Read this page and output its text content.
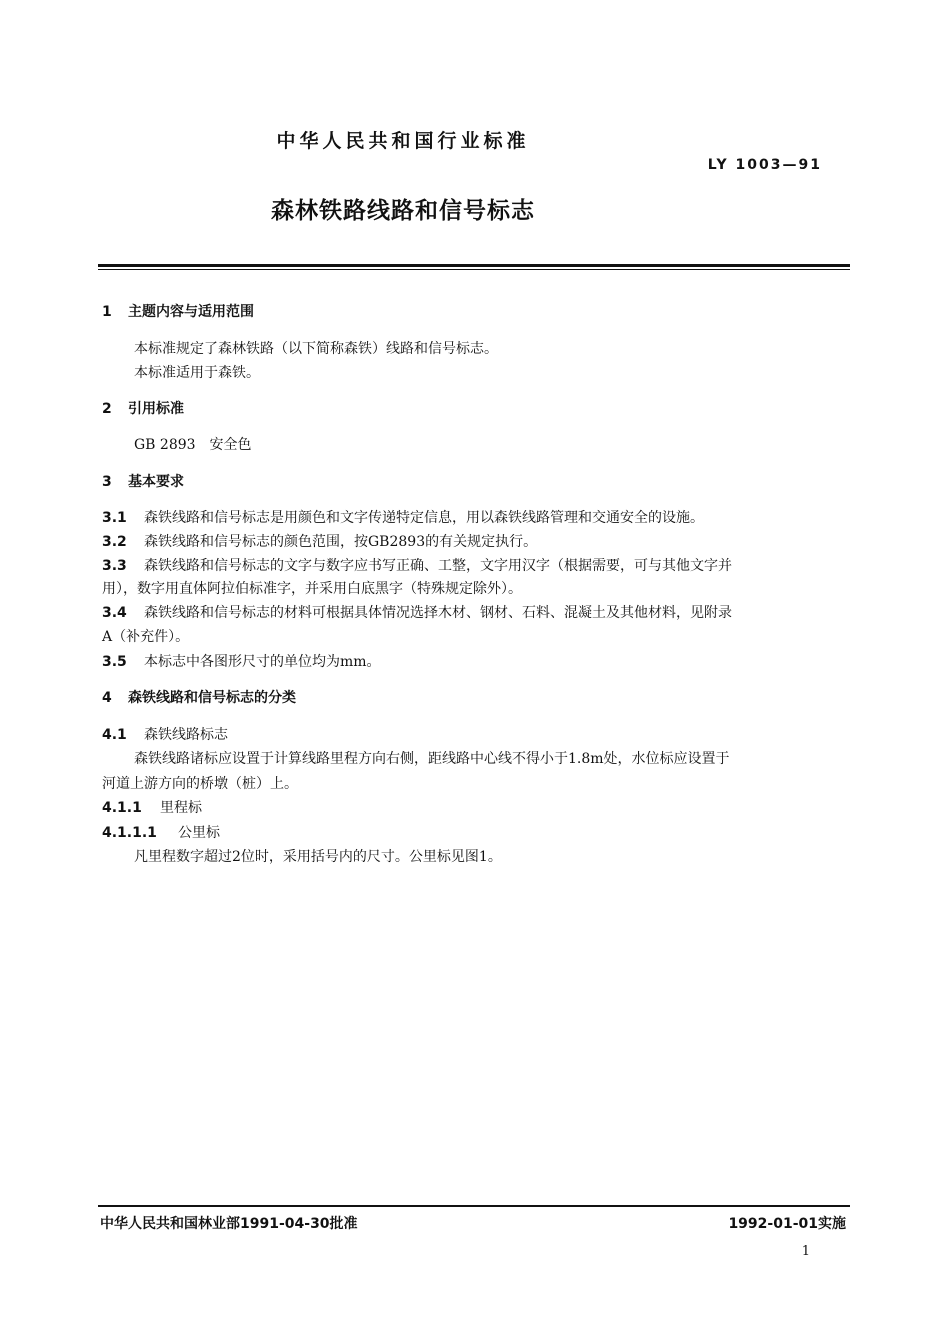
中华人民共和国行业标准
LY 1003—91
森林铁路线路和信号标志
1 主题内容与适用范围
本标准规定了森林铁路（以下简称森铁）线路和信号标志。
本标准适用于森铁。
2 引用标准
GB 2893　安全色
3 基本要求
3.1 森铁线路和信号标志是用颜色和文字传递特定信息，用以森铁线路管理和交通安全的设施。
3.2 森铁线路和信号标志的颜色范围，按GB2893的有关规定执行。
3.3 森铁线路和信号标志的文字与数字应书写正确、工整，文字用汉字（根据需要，可与其他文字并
用），数字用直体阿拉伯标准字，并采用白底黑字（特殊规定除外）。
3.4 森铁线路和信号标志的材料可根据具体情况选择木材、钢材、石料、混凝土及其他材料，见附录
A（补充件）。
3.5 本标志中各图形尺寸的单位均为mm。
4 森铁线路和信号标志的分类
4.1 森铁线路标志
森铁线路诸标应设置于计算线路里程方向右侧，距线路中心线不得小于1.8m处，水位标应设置于
河道上游方向的桥墩（桩）上。
4.1.1 里程标
4.1.1.1 公里标
凡里程数字超过2位时，采用括号内的尺寸。公里标见图1。
中华人民共和国林业部1991-04-30批准	1992-01-01实施
1
